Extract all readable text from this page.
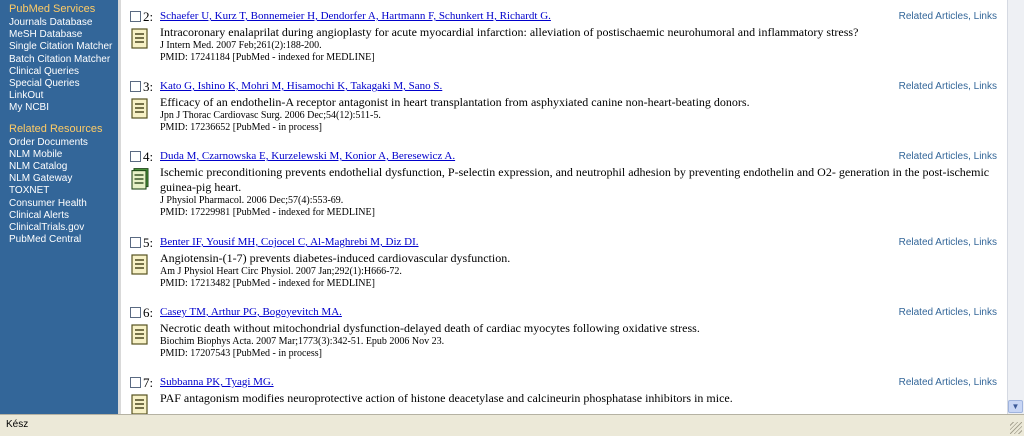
PubMed Services
Journals Database
MeSH Database
Single Citation Matcher
Batch Citation Matcher
Clinical Queries
Special Queries
LinkOut
My NCBI
Related Resources
Order Documents
NLM Mobile
NLM Catalog
NLM Gateway
TOXNET
Consumer Health
Clinical Alerts
ClinicalTrials.gov
PubMed Central
2: Schaefer U, Kurz T, Bonnemeier H, Dendorfer A, Hartmann F, Schunkert H, Richardt G.	Related Articles, Links
Intracoronary enalaprilat during angioplasty for acute myocardial infarction: alleviation of postischaemic neurohumoral and inflammatory stress?
J Intern Med. 2007 Feb;261(2):188-200.
PMID: 17241184 [PubMed - indexed for MEDLINE]
3: Kato G, Ishino K, Mohri M, Hisamochi K, Takagaki M, Sano S.	Related Articles, Links
Efficacy of an endothelin-A receptor antagonist in heart transplantation from asphyxiated canine non-heart-beating donors.
Jpn J Thorac Cardiovasc Surg. 2006 Dec;54(12):511-5.
PMID: 17236652 [PubMed - in process]
4: Duda M, Czarnowska E, Kurzelewski M, Konior A, Beresewicz A.	Related Articles, Links
Ischemic preconditioning prevents endothelial dysfunction, P-selectin expression, and neutrophil adhesion by preventing endothelin and O2- generation in the post-ischemic guinea-pig heart.
J Physiol Pharmacol. 2006 Dec;57(4):553-69.
PMID: 17229981 [PubMed - indexed for MEDLINE]
5: Benter IF, Yousif MH, Cojocel C, Al-Maghrebi M, Diz DI.	Related Articles, Links
Angiotensin-(1-7) prevents diabetes-induced cardiovascular dysfunction.
Am J Physiol Heart Circ Physiol. 2007 Jan;292(1):H666-72.
PMID: 17213482 [PubMed - indexed for MEDLINE]
6: Casey TM, Arthur PG, Bogoyevitch MA.	Related Articles, Links
Necrotic death without mitochondrial dysfunction-delayed death of cardiac myocytes following oxidative stress.
Biochim Biophys Acta. 2007 Mar;1773(3):342-51. Epub 2006 Nov 23.
PMID: 17207543 [PubMed - in process]
7: Subbanna PK, Tyagi MG.	Related Articles, Links
PAF antagonism modifies neuroprotective action of histone deacetylase and calcineurin phosphatase inhibitors in mice.
▼
Kész
